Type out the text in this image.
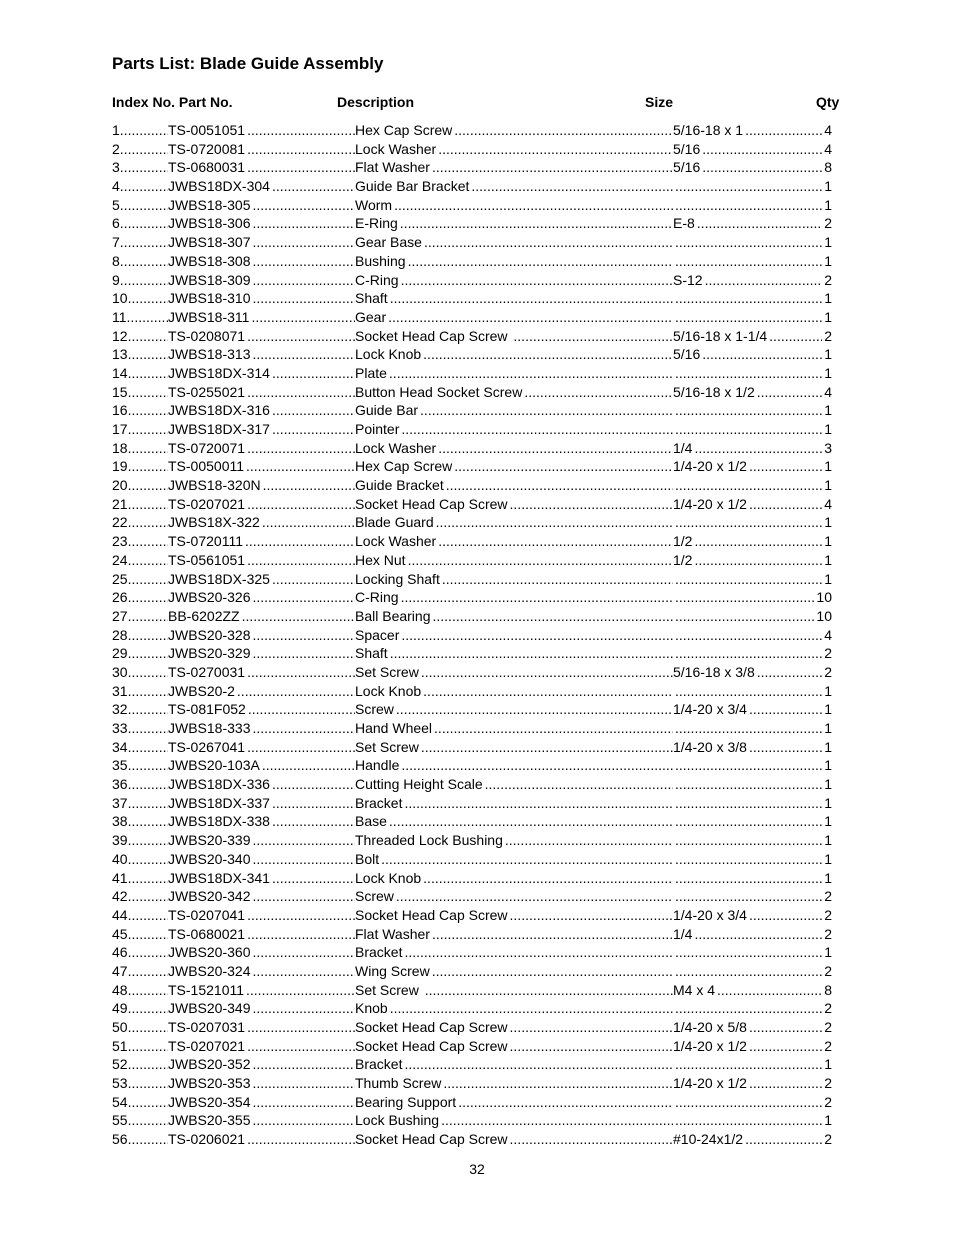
Parts List: Blade Guide Assembly
Index No. Part No.	Description	Size	Qty
1 .....	TS-0051051 .....	Hex Cap Screw .....	5/16-18 x 1 .....	4
2 .....	TS-0720081 .....	Lock Washer .....	5/16 .....	4
3 .....	TS-0680031 .....	Flat Washer .....	5/16 .....	8
4 .....	JWBS18DX-304 .....	Guide Bar Bracket ..... .....	1
5 .....	JWBS18-305 .....	Worm ..... .....	1
6 .....	JWBS18-306 .....	E-Ring .....	E-8 .....	2
7 .....	JWBS18-307 .....	Gear Base ..... .....	1
8 .....	JWBS18-308 .....	Bushing ..... .....	1
9 .....	JWBS18-309 .....	C-Ring .....	S-12 .....	2
10 .....	JWBS18-310 .....	Shaft ..... .....	1
11 .....	JWBS18-311 .....	Gear ..... .....	1
12 .....	TS-0208071 .....	Socket Head Cap Screw .....	5/16-18 x 1-1/4 .....	2
13 .....	JWBS18-313 .....	Lock Knob .....	5/16 .....	1
14 .....	JWBS18DX-314 .....	Plate ..... .....	1
15 .....	TS-0255021 .....	Button Head Socket Screw .....	5/16-18 x 1/2 .....	4
16 .....	JWBS18DX-316 .....	Guide Bar ..... .....	1
17 .....	JWBS18DX-317 .....	Pointer ..... .....	1
18 .....	TS-0720071 .....	Lock Washer .....	1/4 .....	3
19 .....	TS-0050011 .....	Hex Cap Screw .....	1/4-20 x 1/2 .....	1
20 .....	JWBS18-320N .....	Guide Bracket ..... .....	1
21 .....	TS-0207021 .....	Socket Head Cap Screw .....	1/4-20 x 1/2 .....	4
22 .....	JWBS18X-322 .....	Blade Guard ..... .....	1
23 .....	TS-0720111 .....	Lock Washer .....	1/2 .....	1
24 .....	TS-0561051 .....	Hex Nut .....	1/2 .....	1
25 .....	JWBS18DX-325 .....	Locking Shaft ..... .....	1
26 .....	JWBS20-326 .....	C-Ring ..... .....	10
27 .....	BB-6202ZZ .....	Ball Bearing ..... .....	10
28 .....	JWBS20-328 .....	Spacer ..... .....	4
29 .....	JWBS20-329 .....	Shaft ..... .....	2
30 .....	TS-0270031 .....	Set Screw .....	5/16-18 x 3/8 .....	2
31 .....	JWBS20-2 .....	Lock Knob ..... .....	1
32 .....	TS-081F052 .....	Screw .....	1/4-20 x 3/4 .....	1
33 .....	JWBS18-333 .....	Hand Wheel ..... .....	1
34 .....	TS-0267041 .....	Set Screw .....	1/4-20 x 3/8 .....	1
35 .....	JWBS20-103A .....	Handle ..... .....	1
36 .....	JWBS18DX-336 .....	Cutting Height Scale ..... .....	1
37 .....	JWBS18DX-337 .....	Bracket ..... .....	1
38 .....	JWBS18DX-338 .....	Base ..... .....	1
39 .....	JWBS20-339 .....	Threaded Lock Bushing ..... .....	1
40 .....	JWBS20-340 .....	Bolt ..... .....	1
41 .....	JWBS18DX-341 .....	Lock Knob ..... .....	1
42 .....	JWBS20-342 .....	Screw ..... .....	2
44 .....	TS-0207041 .....	Socket Head Cap Screw .....	1/4-20 x 3/4 .....	2
45 .....	TS-0680021 .....	Flat Washer .....	1/4 .....	2
46 .....	JWBS20-360 .....	Bracket ..... .....	1
47 .....	JWBS20-324 .....	Wing Screw ..... .....	2
48 .....	TS-1521011 .....	Set Screw .....	M4 x 4 .....	8
49 .....	JWBS20-349 .....	Knob ..... .....	2
50 .....	TS-0207031 .....	Socket Head Cap Screw .....	1/4-20 x 5/8 .....	2
51 .....	TS-0207021 .....	Socket Head Cap Screw .....	1/4-20 x 1/2 .....	2
52 .....	JWBS20-352 .....	Bracket ..... .....	1
53 .....	JWBS20-353 .....	Thumb Screw .....	1/4-20 x 1/2 .....	2
54 .....	JWBS20-354 .....	Bearing Support ..... .....	2
55 .....	JWBS20-355 .....	Lock Bushing ..... .....	1
56 .....	TS-0206021 .....	Socket Head Cap Screw .....	#10-24x1/2 .....	2
32
